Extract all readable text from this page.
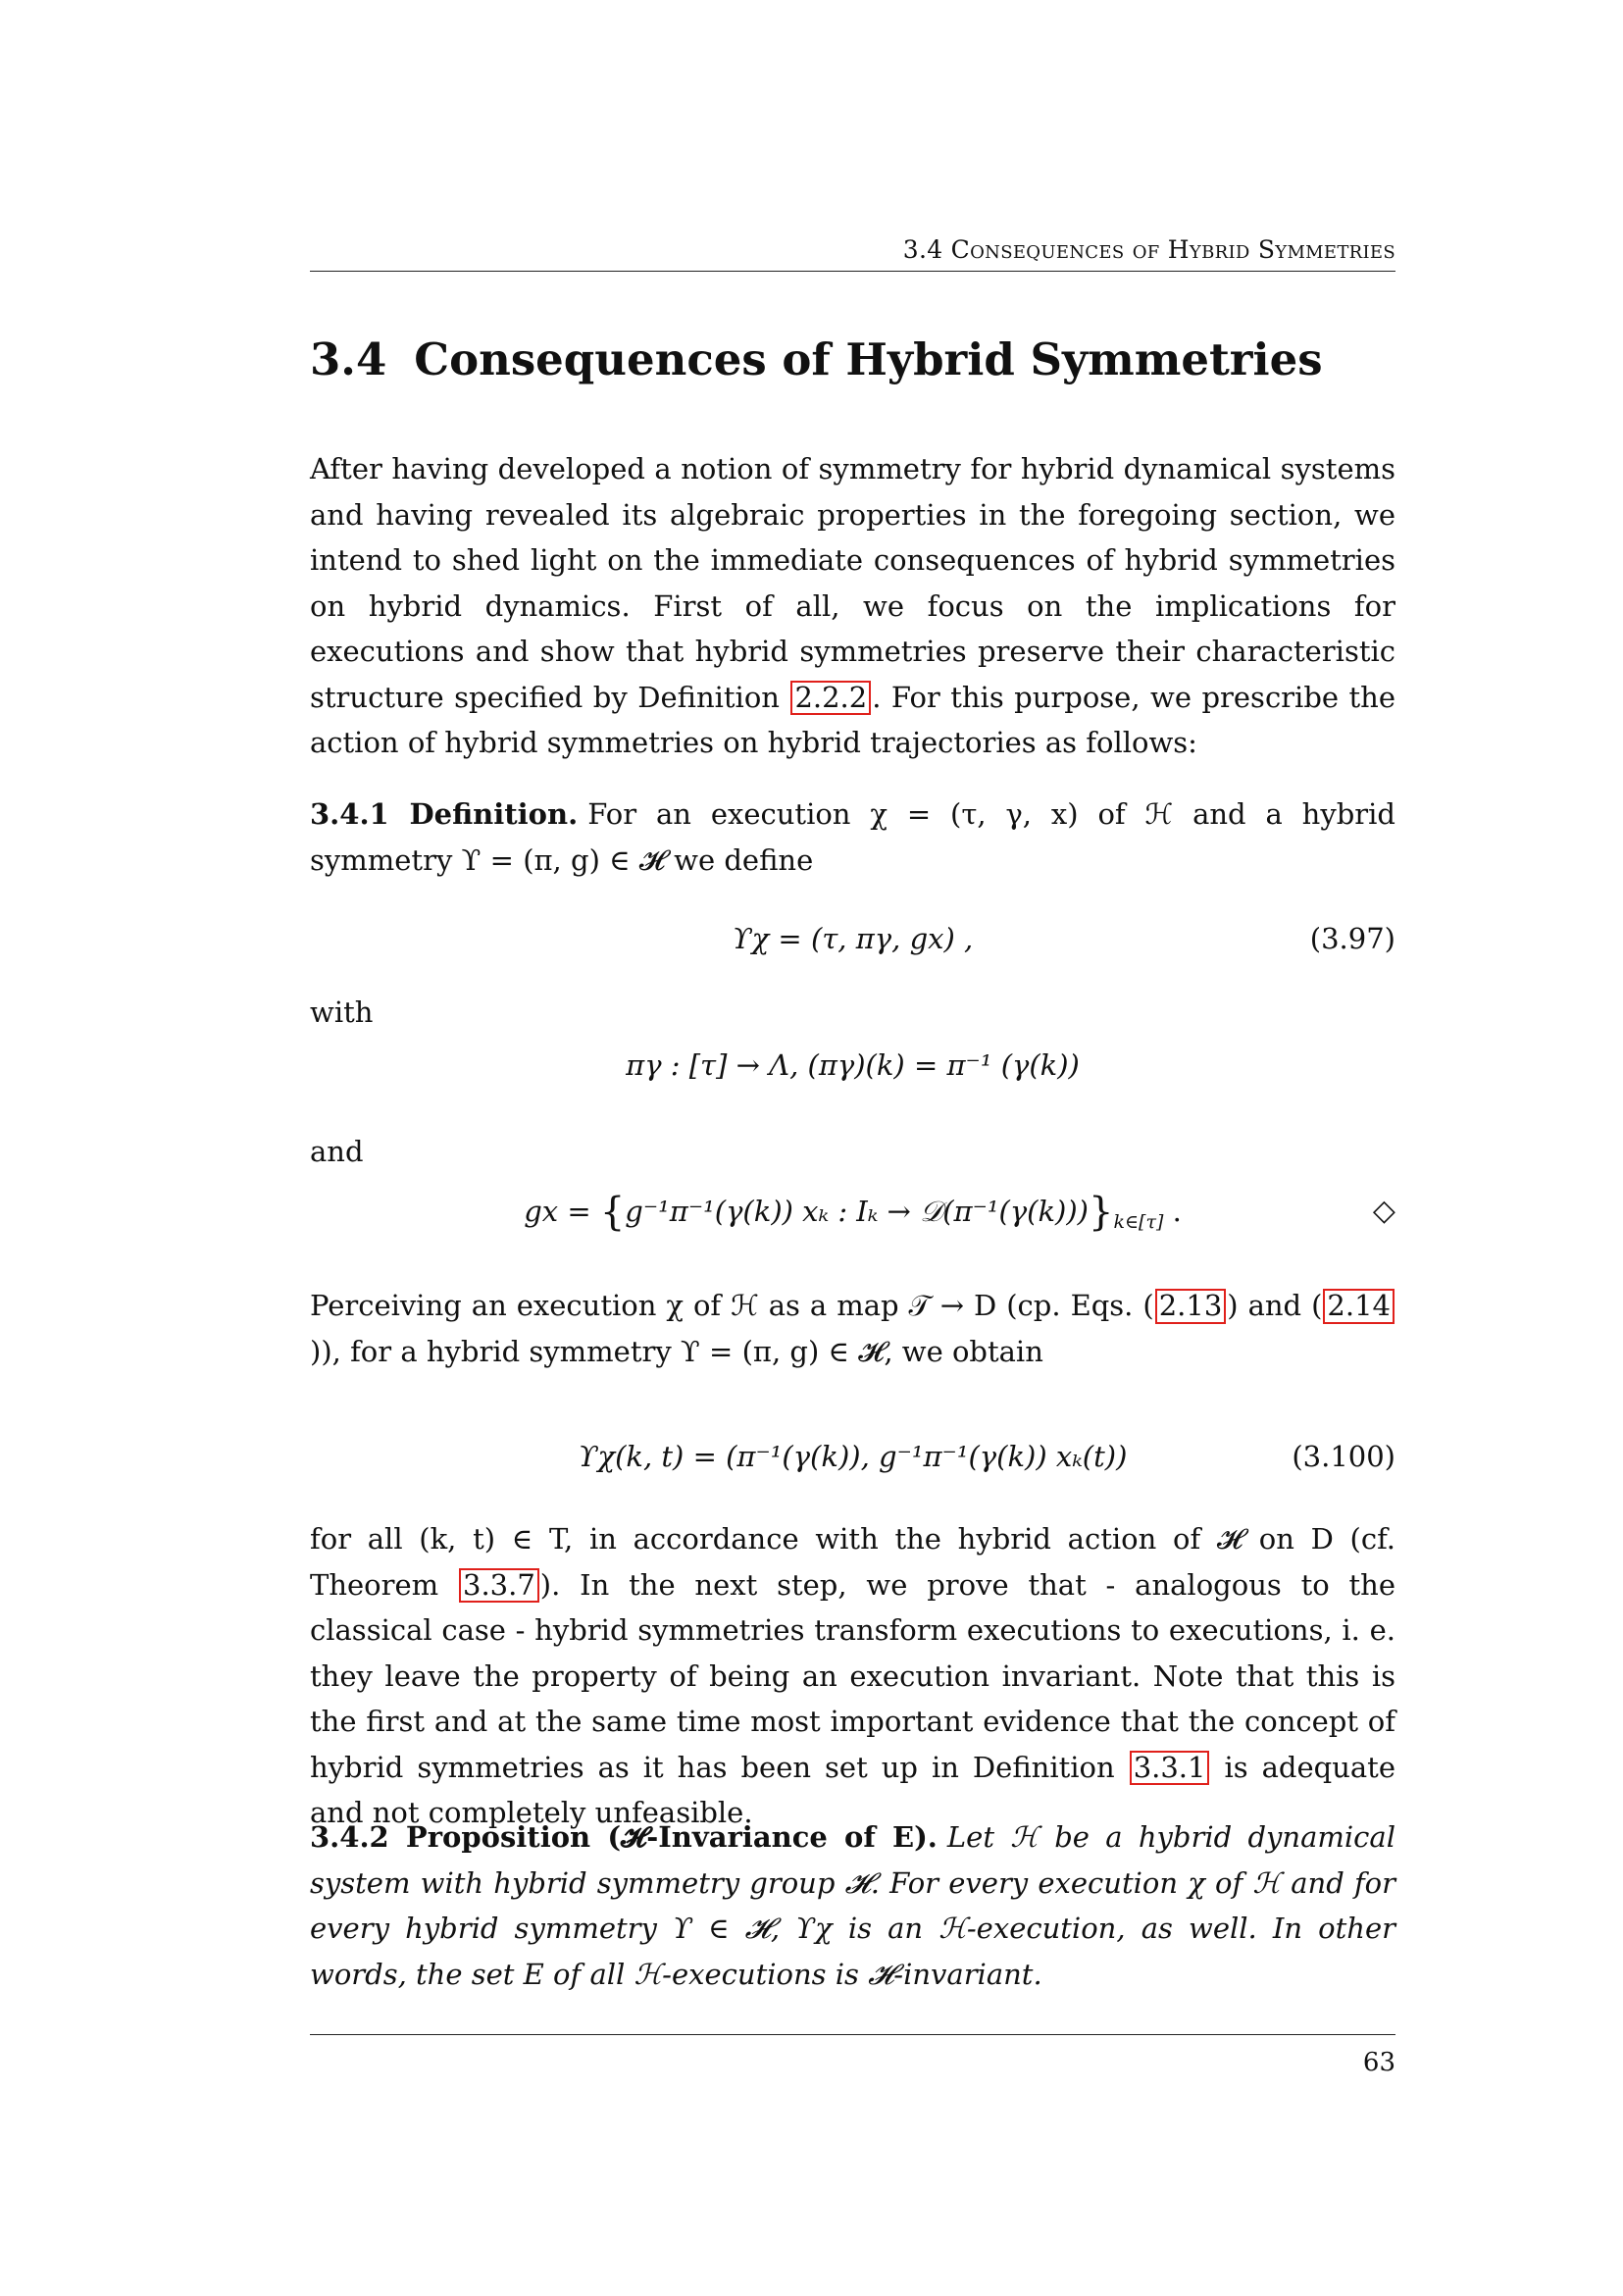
3.4 Consequences of Hybrid Symmetries
3.4 Consequences of Hybrid Symmetries
After having developed a notion of symmetry for hybrid dynamical systems and having revealed its algebraic properties in the foregoing section, we intend to shed light on the immediate consequences of hybrid symmetries on hybrid dynamics. First of all, we focus on the implications for executions and show that hybrid symmetries preserve their characteristic structure specified by Definition 2.2.2 . For this purpose, we prescribe the action of hybrid symmetries on hybrid trajectories as follows:
3.4.1 Definition. For an execution χ = (τ, γ, x) of ℋ and a hybrid symmetry ϒ = (π, g) ∈ 𝓗 we define
ϒχ = (τ, πγ, gx) ,	(3.97)
with
πγ : [τ] → Λ, (πγ)(k) = π⁻¹ (γ(k))
and
gx = {g⁻¹π⁻¹(γ(k)) xₖ : $I_k \to 𝒟(\pi^{-1}(\gamma(k)))\}_{k\in[\tau]}$ .	◇
Perceiving an execution χ of ℋ as a map 𝒯 → D (cp. Eqs. ( 2.13 ) and ( 2.14)), for a hybrid symmetry ϒ = (π, g) ∈ 𝓗, we obtain
ϒχ(k, t) = (π⁻¹(γ(k)), g⁻¹π⁻¹(γ(k)) xₖ(t))	(3.100)
for all (k, t) ∈ T, in accordance with the hybrid action of 𝓗 on D (cf. Theorem 3.3.7 ). In the next step, we prove that - analogous to the classical case - hybrid symmetries transform executions to executions, i. e. they leave the property of being an execution invariant. Note that this is the first and at the same time most important evidence that the concept of hybrid symmetries as it has been set up in Definition 3.3.1 is adequate and not completely unfeasible.
3.4.2 Proposition (𝓗-Invariance of E). Let ℋ be a hybrid dynamical system with hybrid symmetry group 𝓗. For every execution χ of ℋ and for every hybrid symmetry ϒ ∈ 𝓗, ϒχ is an ℋ-execution, as well. In other words, the set E of all ℋ-executions is 𝓗-invariant.
63
